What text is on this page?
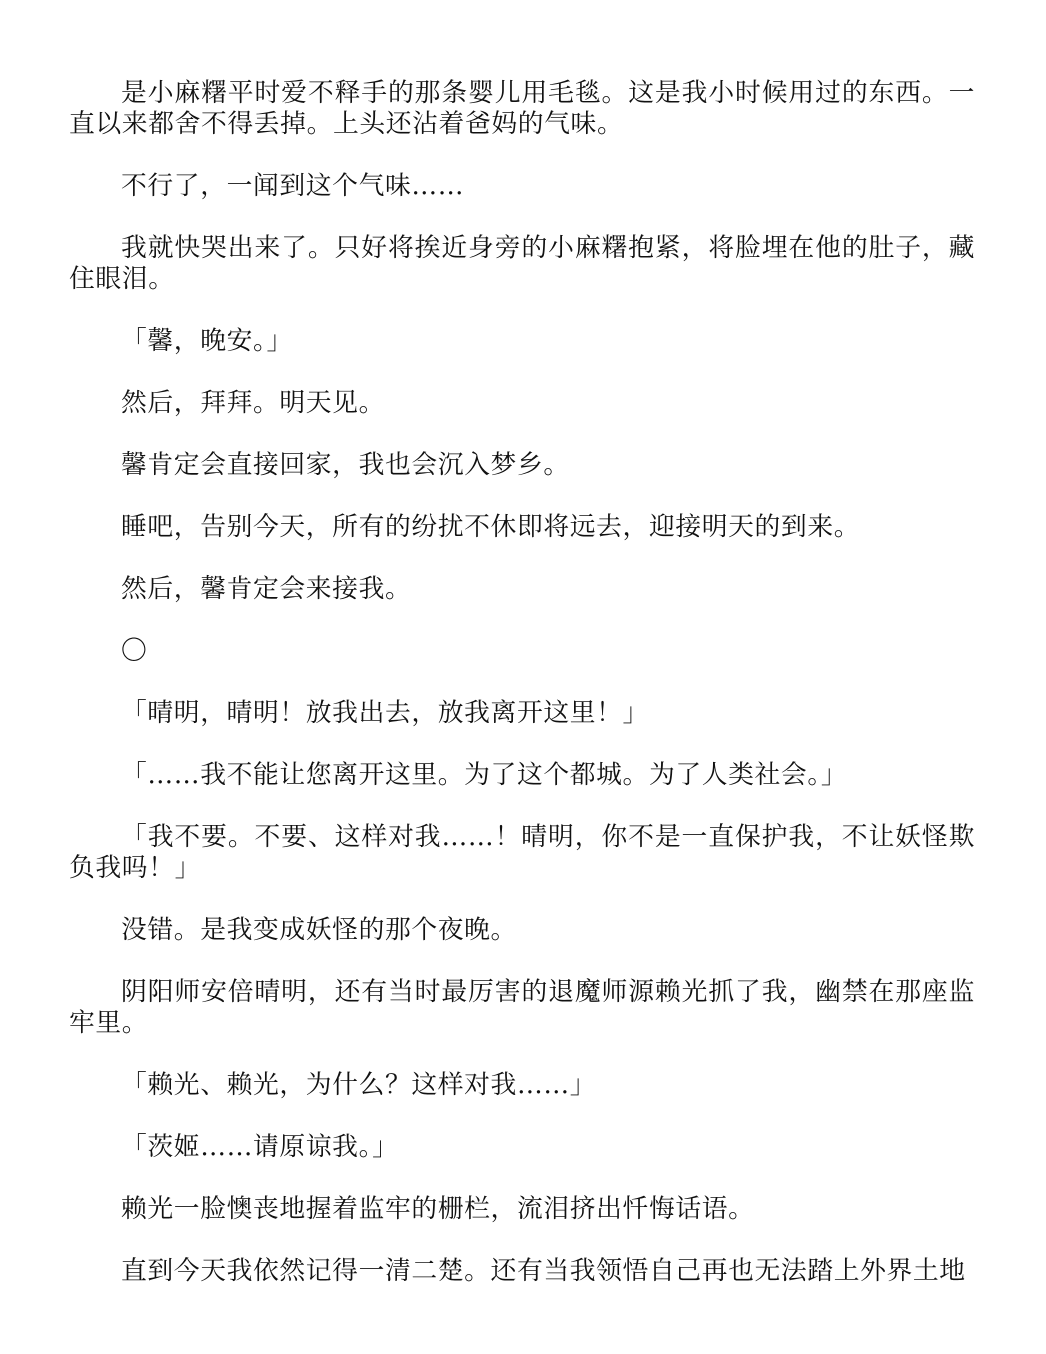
是小麻糬平时爱不释手的那条婴儿用毛毯。这是我小时候用过的东西。一直以来都舍不得丢掉。上头还沾着爸妈的气味。

不行了，一闻到这个气味……

我就快哭出来了。只好将挨近身旁的小麻糬抱紧，将脸埋在他的肚子，藏住眼泪。

「馨，晚安。」

然后，拜拜。明天见。

馨肯定会直接回家，我也会沉入梦乡。

睡吧，告别今天，所有的纷扰不休即将远去，迎接明天的到来。

然后，馨肯定会来接我。

〇

「晴明，晴明！放我出去，放我离开这里！」

「……我不能让您离开这里。为了这个都城。为了人类社会。」

「我不要。不要、这样对我……！晴明，你不是一直保护我，不让妖怪欺负我吗！」

没错。是我变成妖怪的那个夜晚。

阴阳师安倍晴明，还有当时最厉害的退魔师源赖光抓了我，幽禁在那座监牢里。

「赖光、赖光，为什么？这样对我……」

「茨姬……请原谅我。」

赖光一脸懊丧地握着监牢的栅栏，流泪挤出忏悔话语。

直到今天我依然记得一清二楚。还有当我领悟自己再也无法踏上外界土地
